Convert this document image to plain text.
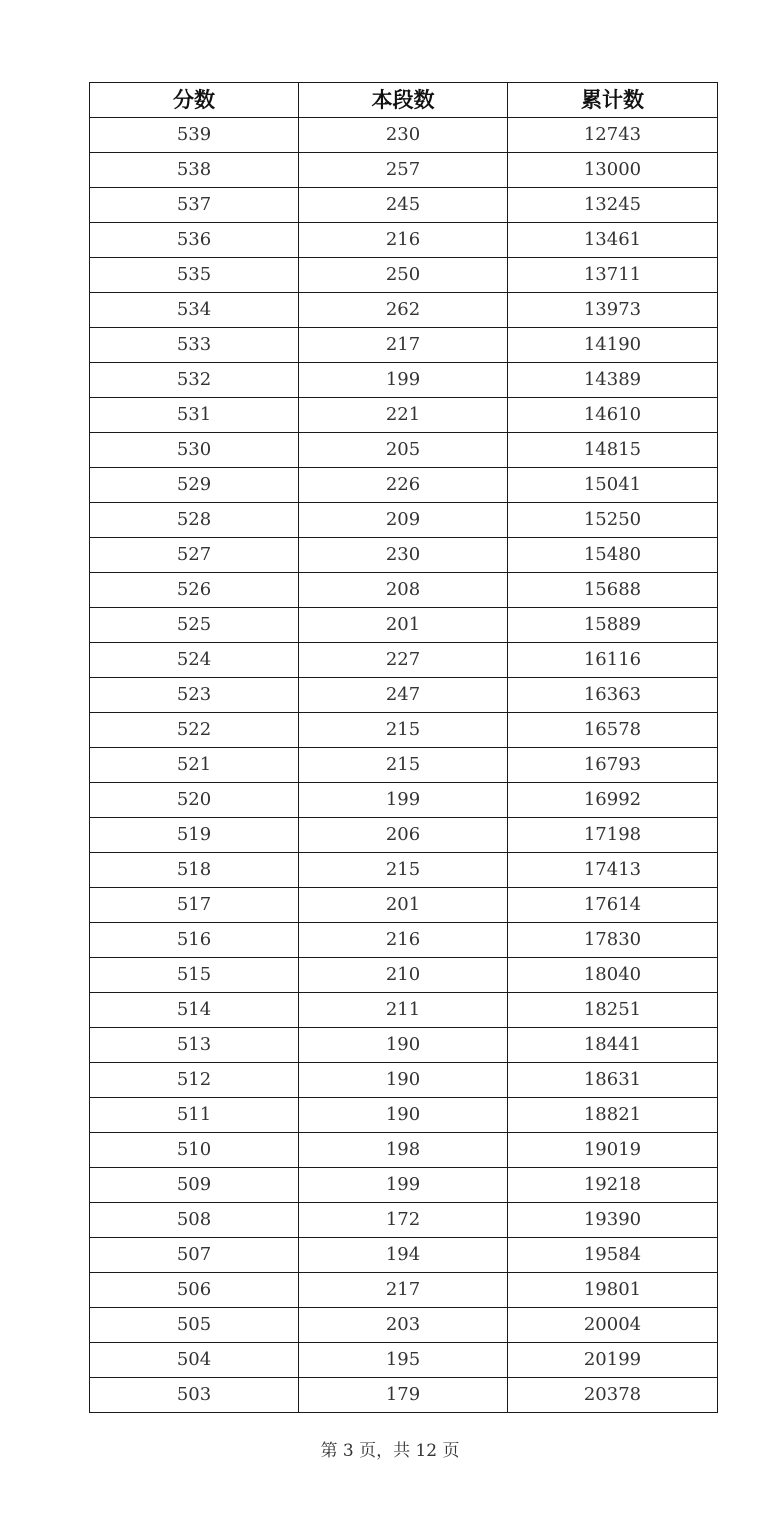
分数	本段数	累计数
539	230	12743
538	257	13000
537	245	13245
536	216	13461
535	250	13711
534	262	13973
533	217	14190
532	199	14389
531	221	14610
530	205	14815
529	226	15041
528	209	15250
527	230	15480
526	208	15688
525	201	15889
524	227	16116
523	247	16363
522	215	16578
521	215	16793
520	199	16992
519	206	17198
518	215	17413
517	201	17614
516	216	17830
515	210	18040
514	211	18251
513	190	18441
512	190	18631
511	190	18821
510	198	19019
509	199	19218
508	172	19390
507	194	19584
506	217	19801
505	203	20004
504	195	20199
503	179	20378
第 3 页，共 12 页
